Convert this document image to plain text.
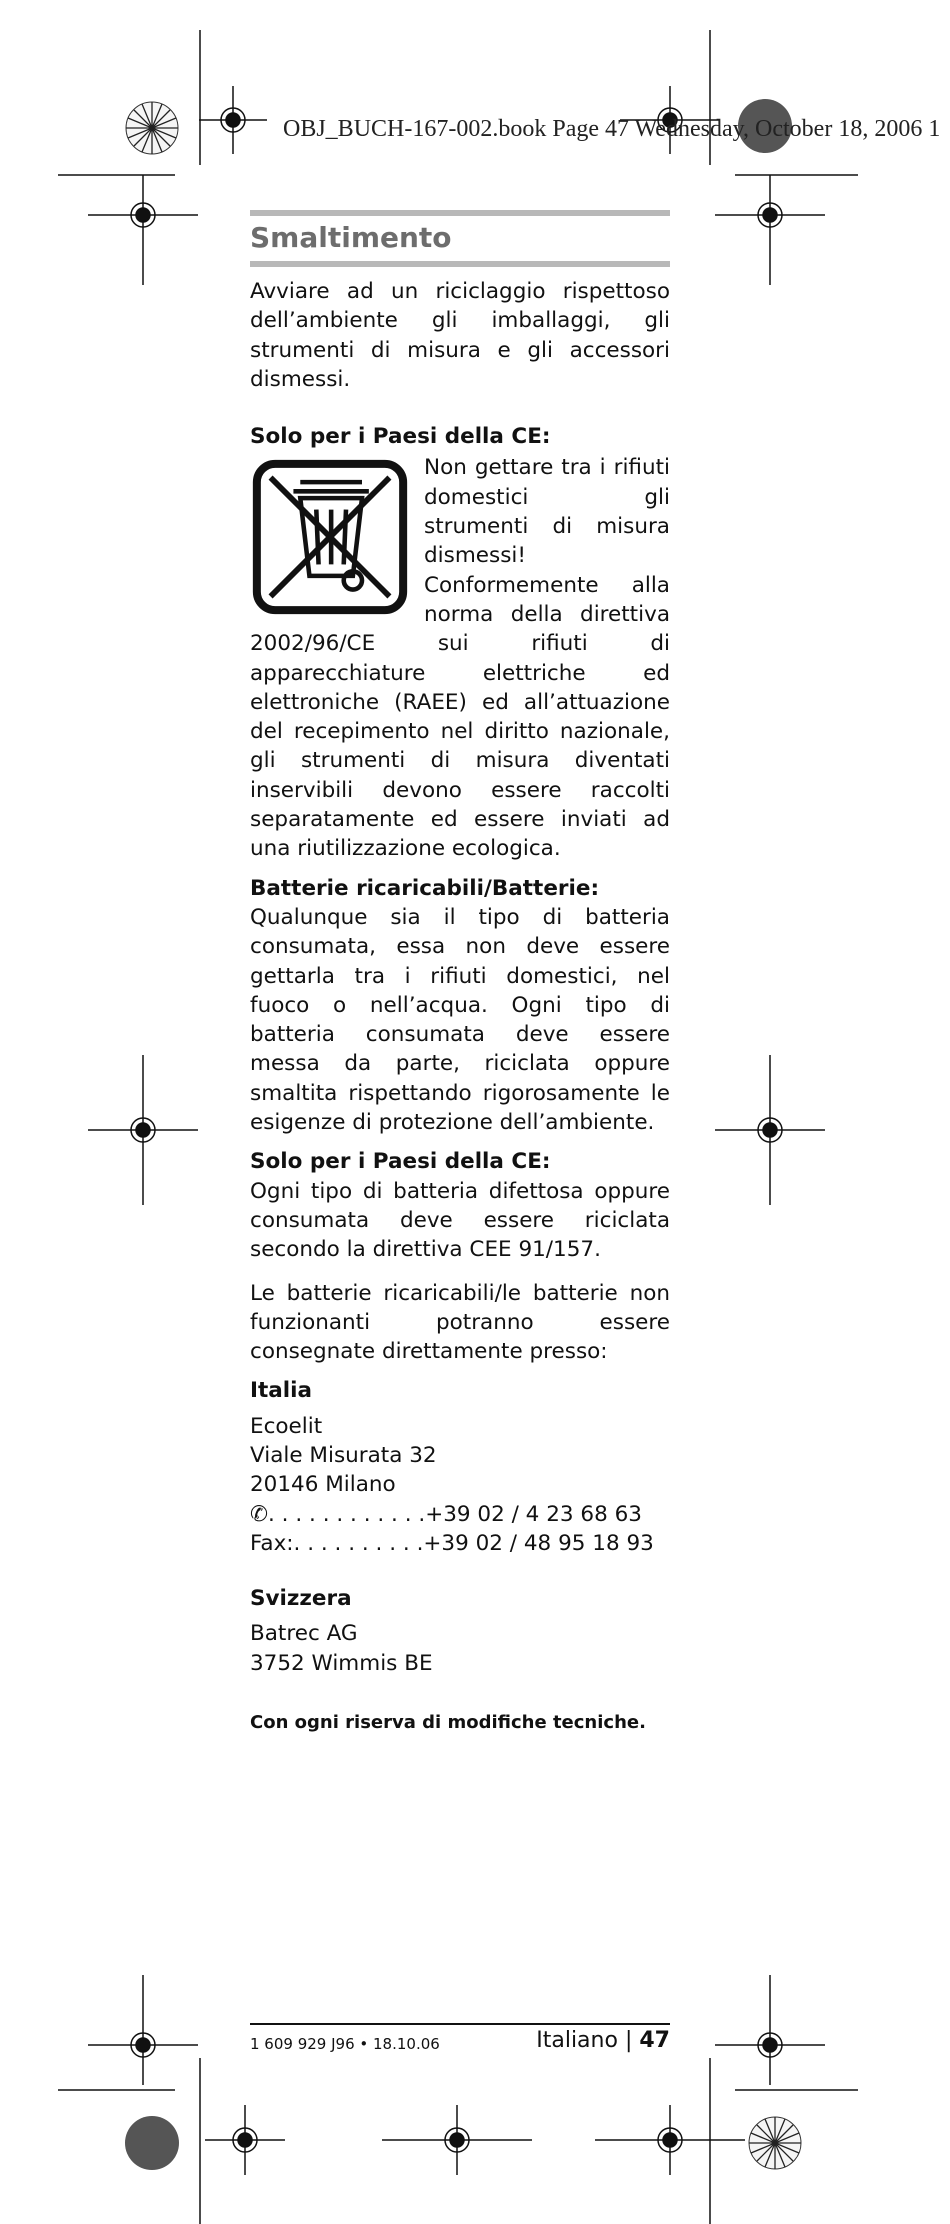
OBJ_BUCH-167-002.book Page 47 Wednesday, October 18, 2006 1
Smaltimento

Avviare ad un riciclaggio rispettoso dell’ambiente gli imballaggi, gli strumenti di misura e gli accessori dismessi.

Solo per i Paesi della CE:

Non gettare tra i rifiuti domestici gli strumenti di misura dismessi! Conformemente alla norma della direttiva 2002/96/CE sui rifiuti di apparecchiature elettriche ed elettroniche (RAEE) ed all’attuazione del recepimento nel diritto nazionale, gli strumenti di misura diventati inservibili devono essere raccolti separatamente ed essere inviati ad una riutilizzazione ecologica.

Batterie ricaricabili/Batterie:

Qualunque sia il tipo di batteria consumata, essa non deve essere gettarla tra i rifiuti domestici, nel fuoco o nell’acqua. Ogni tipo di batteria consumata deve essere messa da parte, riciclata oppure smaltita rispettando rigorosamente le esigenze di protezione dell’ambiente.

Solo per i Paesi della CE:

Ogni tipo di batteria difettosa oppure consumata deve essere riciclata secondo la direttiva CEE 91/157.

Le batterie ricaricabili/le batterie non funzionanti potranno essere consegnate direttamente presso:

Italia

Ecoelit
Viale Misurata 32
20146 Milano
✆ . . . . . . . . . . . . +39 02 / 4 23 68 63
Fax: . . . . . . . . . . +39 02 / 48 95 18 93

Svizzera

Batrec AG
3752 Wimmis BE

Con ogni riserva di modifiche tecniche.

1 609 929 J96 • 18.10.06	Italiano | 47
